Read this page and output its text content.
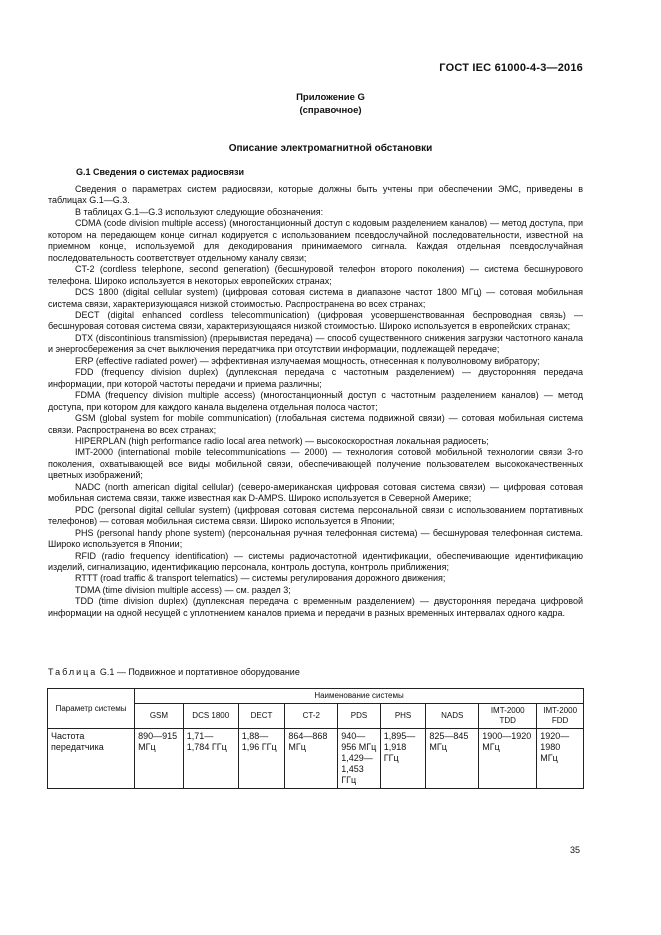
ГОСТ IEC 61000-4-3—2016
Приложение G
(справочное)
Описание электромагнитной обстановки
G.1 Сведения о системах радиосвязи

Сведения о параметрах систем радиосвязи, которые должны быть учтены при обеспечении ЭМС, приведены в таблицах G.1—G.3.

В таблицах G.1—G.3 используют следующие обозначения:

CDMA (code division multiple access) (многостанционный доступ с кодовым разделением каналов) — метод доступа, при котором на передающем конце сигнал кодируется с использованием псевдослучайной последовательности, известной на приемном конце, используемой для декодирования принимаемого сигнала. Каждая отдельная псевдослучайная последовательность соответствует отдельному каналу связи;

CT-2 (cordless telephone, second generation) (бесшнуровой телефон второго поколения) — система бесшнурового телефона. Широко используется в некоторых европейских странах;

DCS 1800 (digital cellular system) (цифровая сотовая система в диапазоне частот 1800 МГц) — сотовая мобильная система связи, характеризующаяся низкой стоимостью. Распространена во всех странах;

DECT (digital enhanced cordless telecommunication) (цифровая усовершенствованная беспроводная связь) — бесшнуровая сотовая система связи, характеризующаяся низкой стоимостью. Широко используется в европейских странах;

DTX (discontinious transmission) (прерывистая передача) — способ существенного снижения загрузки частотного канала и энергосбережения за счет выключения передатчика при отсутствии информации, подлежащей передаче;

ERP (effective radiated power) — эффективная излучаемая мощность, отнесенная к полуволновому вибратору;

FDD (frequency division duplex) (дуплексная передача с частотным разделением) — двусторонняя передача информации, при которой частоты передачи и приема различны;

FDMA (frequency division multiple access) (многостанционный доступ с частотным разделением каналов) — метод доступа, при котором для каждого канала выделена отдельная полоса частот;

GSM (global system for mobile communication) (глобальная система подвижной связи) — сотовая мобильная система связи. Распространена во всех странах;

HIPERPLAN (high performance radio local area network) — высокоскоростная локальная радиосеть;

IMT-2000 (international mobile telecommunications — 2000) — технология сотовой мобильной технологии связи 3-го поколения, охватывающей все виды мобильной связи, обеспечивающей получение пользователем высококачественных цветных изображений;

NADC (north american digital cellular) (северо-американская цифровая сотовая система связи) — цифровая сотовая мобильная система связи, также известная как D-AMPS. Широко используется в Северной Америке;

PDC (personal digital cellular system) (цифровая сотовая система персональной связи с использованием портативных телефонов) — сотовая мобильная система связи. Широко используется в Японии;

PHS (personal handy phone system) (персональная ручная телефонная система) — бесшнуровая телефонная система. Широко используется в Японии;

RFID (radio frequency identification) — системы радиочастотной идентификации, обеспечивающие идентификацию изделий, сигнализацию, идентификацию персонала, контроль доступа, контроль приближения;

RTTT (road traffic & transport telematics) — системы регулирования дорожного движения;

TDMA (time division multiple access) — см. раздел 3;

TDD (time division duplex) (дуплексная передача с временным разделением) — двусторонняя передача цифровой информации на одной несущей с уплотнением каналов приема и передачи в разных временных интервалах одного кадра.

Таблица G.1 — Подвижное и портативное оборудование
Параметр системы	Наименование системы								
	GSM	DCS 1800	DECT	CT-2	PDS	PHS	NADS	IMT-2000 TDD	IMT-2000 FDD
Частота передатчика	890—915 МГц	1,71—1,784 ГГц	1,88—1,96 ГГц	864—868 МГц	940—956 МГц 1,429—1,453 ГГц	1,895—1,918 ГГц	825—845 МГц	1900—1920 МГц	1920—1980 МГц
35
